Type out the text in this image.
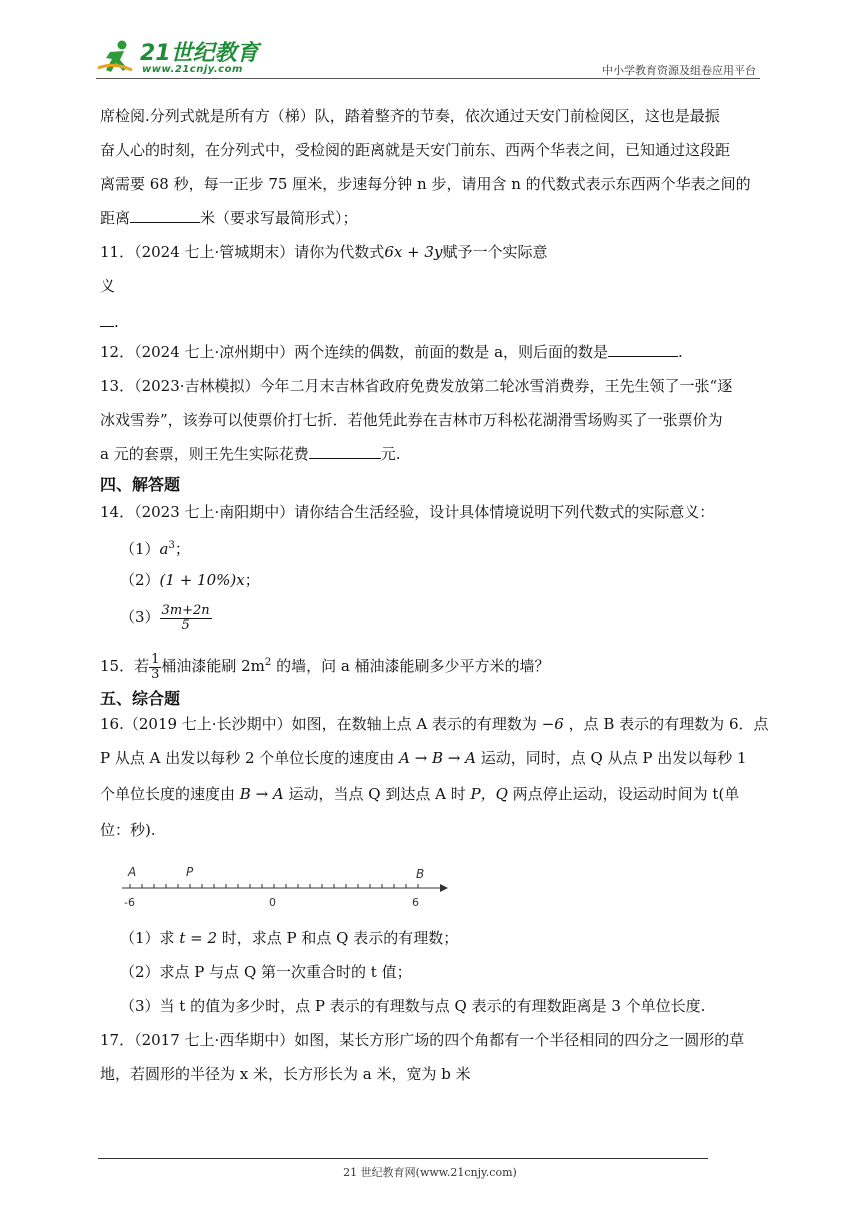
21世纪教育
www.21cnjy.com	中小学教育资源及组卷应用平台
席检阅.分列式就是所有方（梯）队，踏着整齐的节奏，依次通过天安门前检阅区，这也是最振
奋人心的时刻，在分列式中，受检阅的距离就是天安门前东、西两个华表之间，已知通过这段距
离需要 68 秒，每一正步 75 厘米，步速每分钟 n 步，请用含 n 的代数式表示东西两个华表之间的
距离	米（要求写最简形式）；
11．（2024 七上·管城期末）请你为代数式6x + 3y赋予一个实际意
义
.
12．（2024 七上·凉州期中）两个连续的偶数，前面的数是 a，则后面的数是	.
13．（2023·吉林模拟）今年二月末吉林省政府免费发放第二轮冰雪消费券，王先生领了一张“逐
冰戏雪券”，该券可以使票价打七折．若他凭此券在吉林市万科松花湖滑雪场购买了一张票价为
a 元的套票，则王先生实际花费	元.
四、解答题
14．（2023 七上·南阳期中）请你结合生活经验，设计具体情境说明下列代数式的实际意义：
$(1)a^3$；
（2）(1 + 10%)x；
$(3) \frac{3m+2n}{5}$
15．若 $\frac{1}{3}$ 桶油漆能刷 $2m^2$ 的墙，问 a 桶油漆能刷多少平方米的墙？
五、综合题
16.（2019 七上·长沙期中）如图，在数轴上点 A 表示的有理数为 −6 ，点 B 表示的有理数为 6．点
P 从点 A 出发以每秒 2 个单位长度的速度由 A → B → A 运动，同时，点 Q 从点 P 出发以每秒 1
个单位长度的速度由 B → A 运动，当点 Q 到达点 A 时 P，Q 两点停止运动，设运动时间为 t(单
位：秒).
A	P	B
-6	0	6
（1）求 t = 2 时，求点 P 和点 Q 表示的有理数；
（2）求点 P 与点 Q 第一次重合时的 t 值；
（3）当 t 的值为多少时，点 P 表示的有理数与点 Q 表示的有理数距离是 3 个单位长度.
17．（2017 七上·西华期中）如图，某长方形广场的四个角都有一个半径相同的四分之一圆形的草
地，若圆形的半径为 x 米，长方形长为 a 米，宽为 b 米
21 世纪教育网(www.21cnjy.com)
